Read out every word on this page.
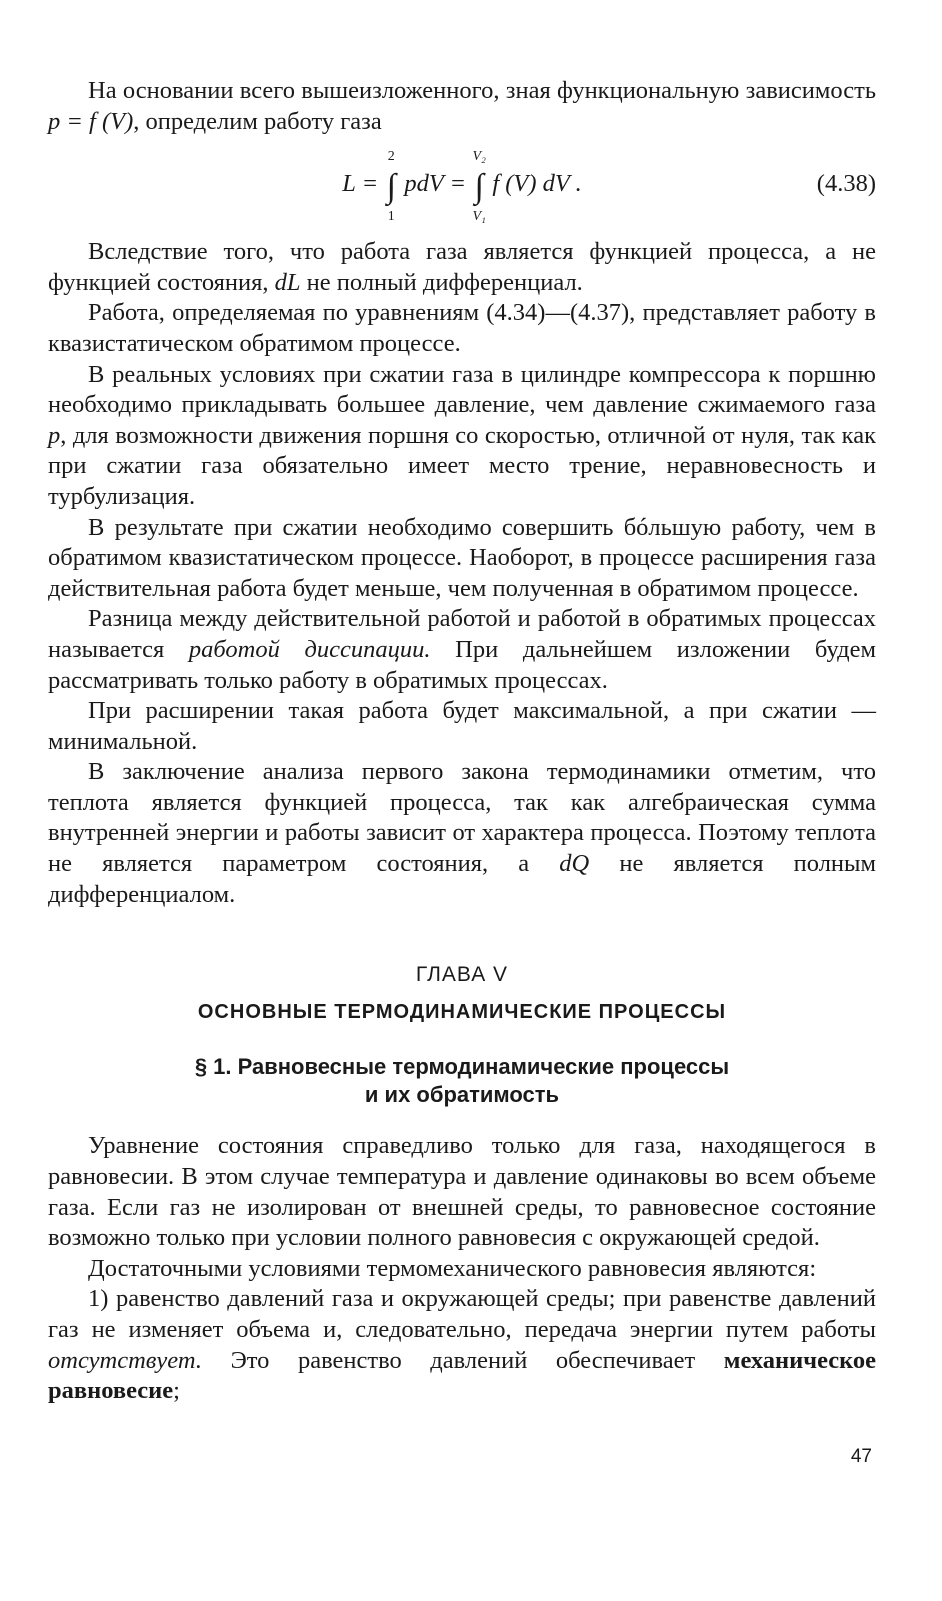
На основании всего вышеизложенного, зная функциональную зависимость p = f (V), определим работу газа

L = ∫
2
1
pdV = ∫
V₂
V₁
f (V) dV .	(4.38)

Вследствие того, что работа газа является функцией процесса, а не функцией состояния, dL не полный дифференциал.

Работа, определяемая по уравнениям (4.34)—(4.37), представляет работу в квазистатическом обратимом процессе.

В реальных условиях при сжатии газа в цилиндре компрессора к поршню необходимо прикладывать большее давление, чем давление сжимаемого газа p, для возможности движения поршня со скоростью, отличной от нуля, так как при сжатии газа обязательно имеет место трение, неравновесность и турбулизация.

В результате при сжатии необходимо совершить бóльшую работу, чем в обратимом квазистатическом процессе. Наоборот, в процессе расширения газа действительная работа будет меньше, чем полученная в обратимом процессе.

Разница между действительной работой и работой в обратимых процессах называется работой диссипации. При дальнейшем изложении будем рассматривать только работу в обратимых процессах.

При расширении такая работа будет максимальной, а при сжатии — минимальной.

В заключение анализа первого закона термодинамики отметим, что теплота является функцией процесса, так как алгебраическая сумма внутренней энергии и работы зависит от характера процесса. Поэтому теплота не является параметром состояния, а dQ не является полным дифференциалом.

ГЛАВА V

ОСНОВНЫЕ ТЕРМОДИНАМИЧЕСКИЕ ПРОЦЕССЫ

§ 1. Равновесные термодинамические процессы
и их обратимость

Уравнение состояния справедливо только для газа, находящегося в равновесии. В этом случае температура и давление одинаковы во всем объеме газа. Если газ не изолирован от внешней среды, то равновесное состояние возможно только при условии полного равновесия с окружающей средой.

Достаточными условиями термомеханического равновесия являются:

1) равенство давлений газа и окружающей среды; при равенстве давлений газ не изменяет объема и, следовательно, передача энергии путем работы отсутствует. Это равенство давлений обеспечивает механическое равновесие;

47
